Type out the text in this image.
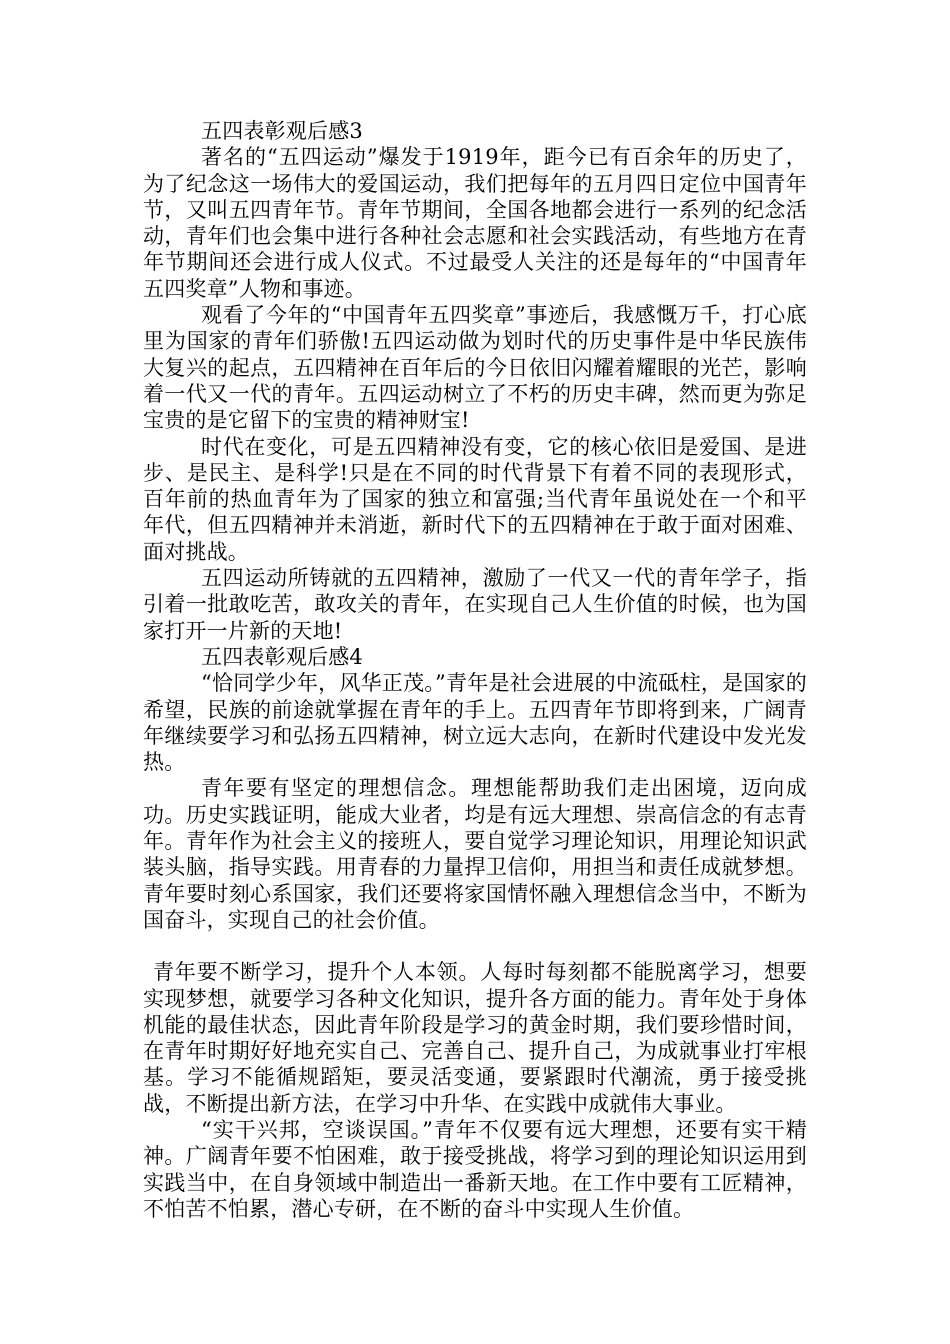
五四表彰观后感3

著名的“五四运动”爆发于1919年，距今已有百余年的历史了，为了纪念这一场伟大的爱国运动，我们把每年的五月四日定位中国青年节，又叫五四青年节。青年节期间，全国各地都会进行一系列的纪念活动，青年们也会集中进行各种社会志愿和社会实践活动，有些地方在青年节期间还会进行成人仪式。不过最受人关注的还是每年的“中国青年五四奖章”人物和事迹。

观看了今年的“中国青年五四奖章”事迹后，我感慨万千，打心底里为国家的青年们骄傲!五四运动做为划时代的历史事件是中华民族伟大复兴的起点，五四精神在百年后的今日依旧闪耀着耀眼的光芒，影响着一代又一代的青年。五四运动树立了不朽的历史丰碑，然而更为弥足宝贵的是它留下的宝贵的精神财宝!

时代在变化，可是五四精神没有变，它的核心依旧是爱国、是进步、是民主、是科学!只是在不同的时代背景下有着不同的表现形式，百年前的热血青年为了国家的独立和富强;当代青年虽说处在一个和平年代，但五四精神并未消逝，新时代下的五四精神在于敢于面对困难、面对挑战。

五四运动所铸就的五四精神，激励了一代又一代的青年学子，指引着一批敢吃苦，敢攻关的青年，在实现自己人生价值的时候，也为国家打开一片新的天地!

五四表彰观后感4

“恰同学少年，风华正茂。”青年是社会进展的中流砥柱，是国家的希望，民族的前途就掌握在青年的手上。五四青年节即将到来，广阔青年继续要学习和弘扬五四精神，树立远大志向，在新时代建设中发光发热。

青年要有坚定的理想信念。理想能帮助我们走出困境，迈向成功。历史实践证明，能成大业者，均是有远大理想、崇高信念的有志青年。青年作为社会主义的接班人，要自觉学习理论知识，用理论知识武装头脑，指导实践。用青春的力量捍卫信仰，用担当和责任成就梦想。青年要时刻心系国家，我们还要将家国情怀融入理想信念当中，不断为国奋斗，实现自己的社会价值。

青年要不断学习，提升个人本领。人每时每刻都不能脱离学习，想要实现梦想，就要学习各种文化知识，提升各方面的能力。青年处于身体机能的最佳状态，因此青年阶段是学习的黄金时期，我们要珍惜时间，在青年时期好好地充实自己、完善自己、提升自己，为成就事业打牢根基。学习不能循规蹈矩，要灵活变通，要紧跟时代潮流，勇于接受挑战，不断提出新方法，在学习中升华、在实践中成就伟大事业。

“实干兴邦，空谈误国。”青年不仅要有远大理想，还要有实干精神。广阔青年要不怕困难，敢于接受挑战，将学习到的理论知识运用到实践当中，在自身领域中制造出一番新天地。在工作中要有工匠精神，不怕苦不怕累，潜心专研，在不断的奋斗中实现人生价值。
